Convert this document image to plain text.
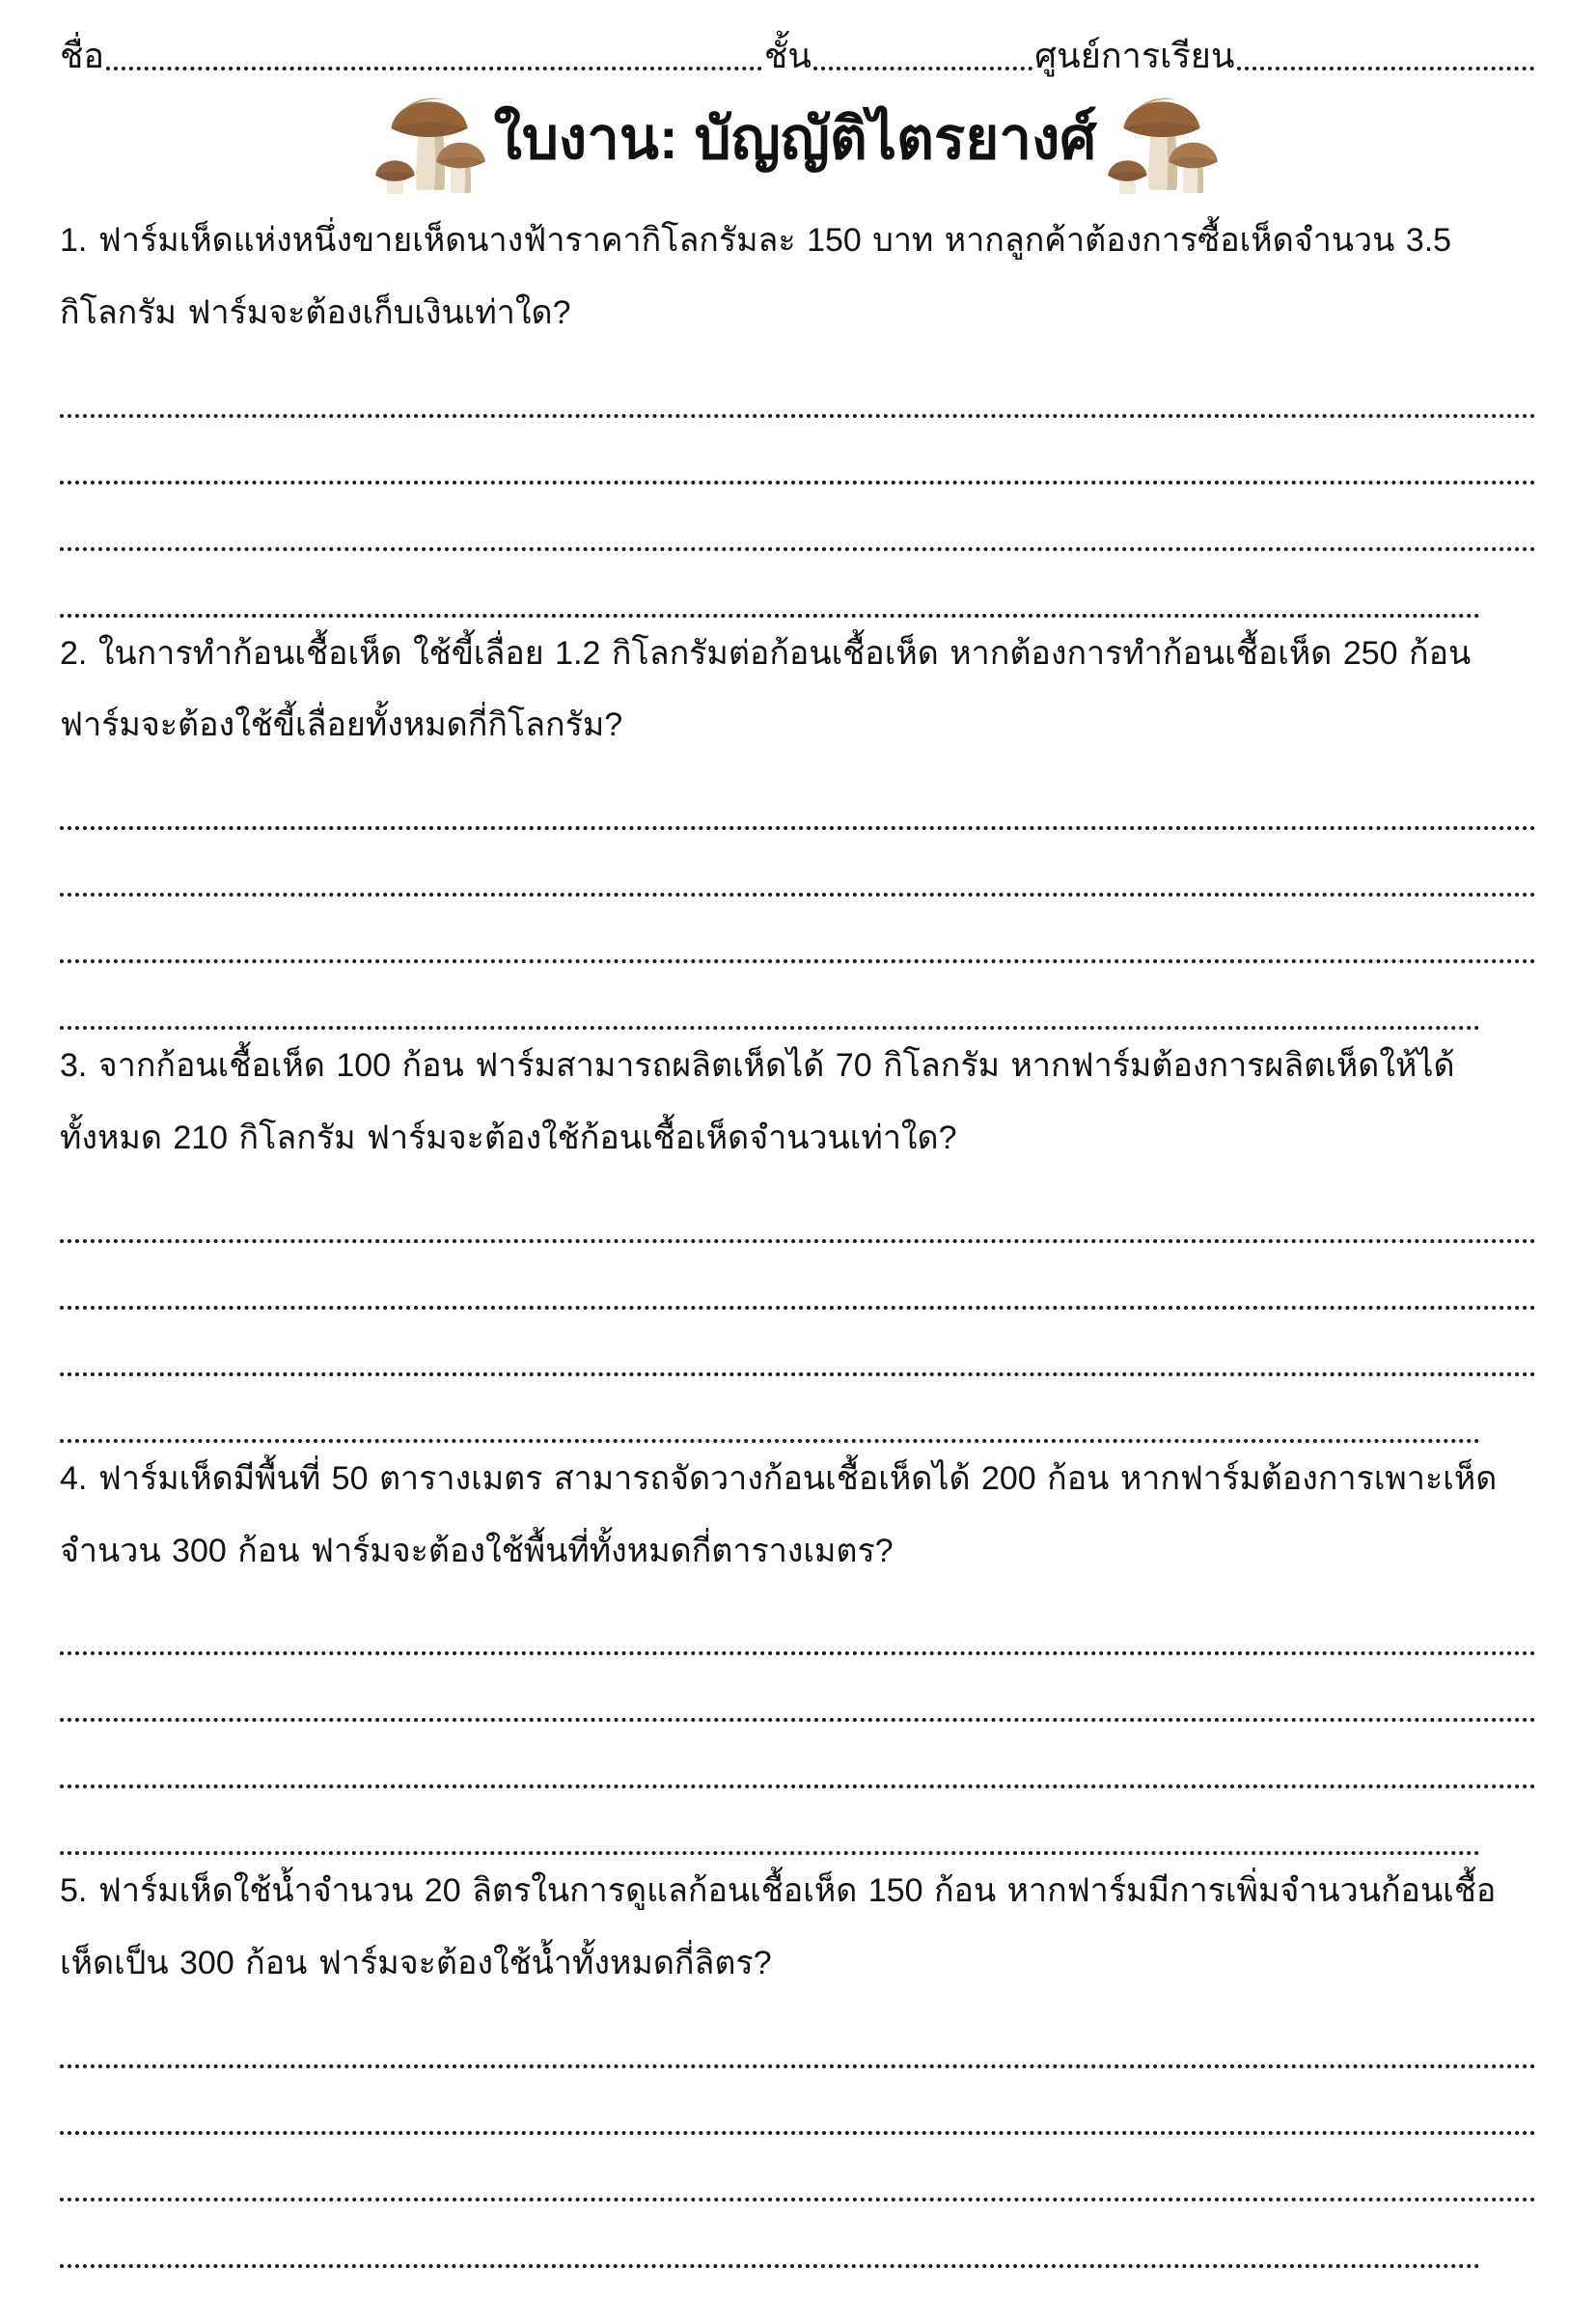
ชื่อ	ชั้น	ศูนย์การเรียน
ใบงาน: บัญญัติไตรยางศ์

1. ฟาร์มเห็ดแห่งหนึ่งขายเห็ดนางฟ้าราคากิโลกรัมละ 150 บาท หากลูกค้าต้องการซื้อเห็ดจำนวน 3.5 กิโลกรัม ฟาร์มจะต้องเก็บเงินเท่าใด?

2. ในการทำก้อนเชื้อเห็ด ใช้ขี้เลื่อย 1.2 กิโลกรัมต่อก้อนเชื้อเห็ด หากต้องการทำก้อนเชื้อเห็ด 250 ก้อน ฟาร์มจะต้องใช้ขี้เลื่อยทั้งหมดกี่กิโลกรัม?

3. จากก้อนเชื้อเห็ด 100 ก้อน ฟาร์มสามารถผลิตเห็ดได้ 70 กิโลกรัม หากฟาร์มต้องการผลิตเห็ดให้ได้ทั้งหมด 210 กิโลกรัม ฟาร์มจะต้องใช้ก้อนเชื้อเห็ดจำนวนเท่าใด?

4. ฟาร์มเห็ดมีพื้นที่ 50 ตารางเมตร สามารถจัดวางก้อนเชื้อเห็ดได้ 200 ก้อน หากฟาร์มต้องการเพาะเห็ดจำนวน 300 ก้อน ฟาร์มจะต้องใช้พื้นที่ทั้งหมดกี่ตารางเมตร?

5. ฟาร์มเห็ดใช้น้ำจำนวน 20 ลิตรในการดูแลก้อนเชื้อเห็ด 150 ก้อน หากฟาร์มมีการเพิ่มจำนวนก้อนเชื้อเห็ดเป็น 300 ก้อน ฟาร์มจะต้องใช้น้ำทั้งหมดกี่ลิตร?
